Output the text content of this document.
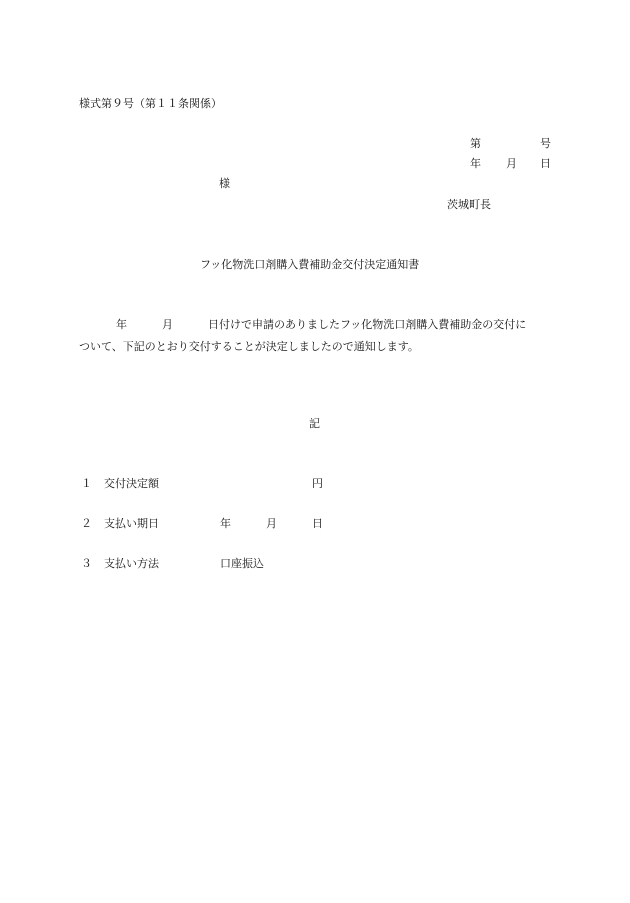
様式第９号（第１１条関係）
第	号
年 月 日
様
茨城町長
フッ化物洗口剤購入費補助金交付決定通知書
年	月	日付けで申請のありましたフッ化物洗口剤購入費補助金の交付に
ついて、下記のとおり交付することが決定しましたので通知します。
記
１ 交付決定額	円
２ 支払い期日	年	月	日
３ 支払い方法	口座振込
